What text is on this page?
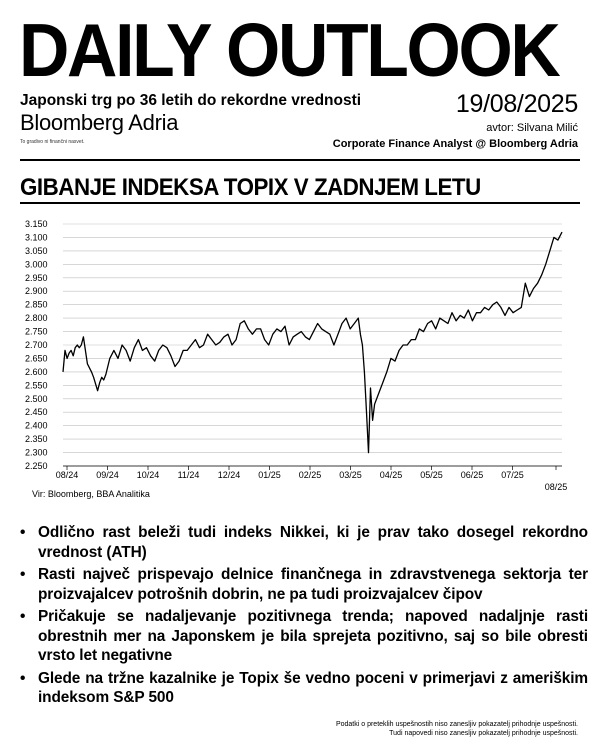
DAILY OUTLOOK
Japonski trg po 36 letih do rekordne vrednosti
Bloomberg Adria
To gradivo ni finančni nasvet.
19/08/2025
avtor: Silvana Milić
Corporate Finance Analyst @ Bloomberg Adria
GIBANJE INDEKSA TOPIX V ZADNJEM LETU
2.250
2.300
2.350
2.400
2.450
2.500
2.550
2.600
2.650
2.700
2.750
2.800
2.850
2.900
2.950
3.000
3.050
3.100
3.150
08/24 09/24 10/24 11/24 12/24 01/25 02/25 03/25 04/25 05/25 06/25 07/25
08/25
Vir: Bloomberg, BBA Analitika
• Odlično rast beleži tudi indeks Nikkei, ki je prav tako dosegel rekordno vrednost (ATH)
• Rasti največ prispevajo delnice finančnega in zdravstvenega sektorja ter proizvajalcev potrošnih dobrin, ne pa tudi proizvajalcev čipov
• Pričakuje se nadaljevanje pozitivnega trenda; napoved nadaljnje rasti obrestnih mer na Japonskem je bila sprejeta pozitivno, saj so bile obresti vrsto let negativne
• Glede na tržne kazalnike je Topix še vedno poceni v primerjavi z ameriškim indeksom S&P 500
Podatki o preteklih uspešnostih niso zanesljiv pokazatelj prihodnje uspešnosti.
Tudi napovedi niso zanesljiv pokazatelj prihodnje uspešnosti.
